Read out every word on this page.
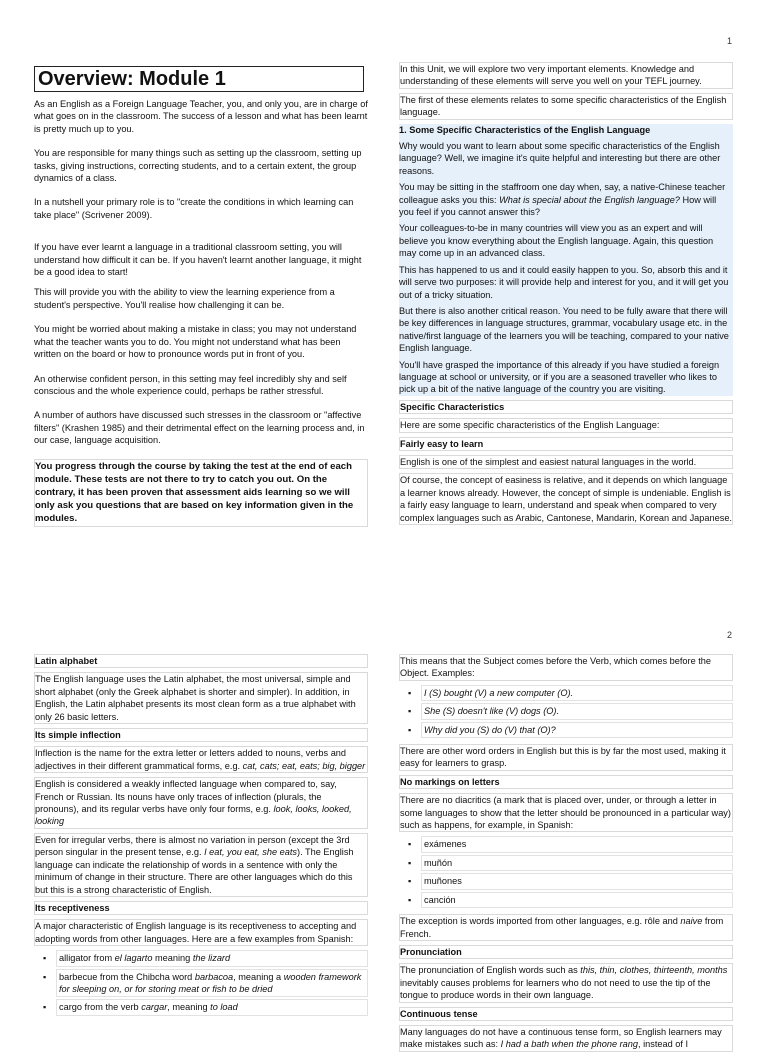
1
Overview: Module 1

As an English as a Foreign Language Teacher, you, and only you, are in charge of what goes on in the classroom. The success of a lesson and what has been learnt is pretty much up to you.

You are responsible for many things such as setting up the classroom, setting up tasks, giving instructions, correcting students, and to a certain extent, the group dynamics of a class.

In a nutshell your primary role is to "create the conditions in which learning can take place" (Scrivener 2009).

If you have ever learnt a language in a traditional classroom setting, you will understand how difficult it can be. If you haven't learnt another language, it might be a good idea to start!

This will provide you with the ability to view the learning experience from a student's perspective. You'll realise how challenging it can be.

You might be worried about making a mistake in class; you may not understand what the teacher wants you to do. You might not understand what has been written on the board or how to pronounce words put in front of you.

An otherwise confident person, in this setting may feel incredibly shy and self conscious and the whole experience could, perhaps be rather stressful.

A number of authors have discussed such stresses in the classroom or "affective filters" (Krashen 1985) and their detrimental effect on the learning process and, in our case, language acquisition.

You progress through the course by taking the test at the end of each module. These tests are not there to try to catch you out. On the contrary, it has been proven that assessment aids learning so we will only ask you questions that are based on key information given in the modules.

In this Unit, we will explore two very important elements. Knowledge and understanding of these elements will serve you well on your TEFL journey.

The first of these elements relates to some specific characteristics of the English language.

1. Some Specific Characteristics of the English Language

Why would you want to learn about some specific characteristics of the English language? Well, we imagine it's quite helpful and interesting but there are other reasons.

You may be sitting in the staffroom one day when, say, a native-Chinese teacher colleague asks you this: What is special about the English language? How will you feel if you cannot answer this?

Your colleagues-to-be in many countries will view you as an expert and will believe you know everything about the English language. Again, this question may come up in an advanced class.

This has happened to us and it could easily happen to you. So, absorb this and it will serve two purposes: it will provide help and interest for you, and it will get you out of a tricky situation.

But there is also another critical reason. You need to be fully aware that there will be key differences in language structures, grammar, vocabulary usage etc. in the native/first language of the learners you will be teaching, compared to your native English language.

You'll have grasped the importance of this already if you have studied a foreign language at school or university, or if you are a seasoned traveller who likes to pick up a bit of the native language of the country you are visiting.

Specific Characteristics

Here are some specific characteristics of the English Language:

Fairly easy to learn

English is one of the simplest and easiest natural languages in the world.

Of course, the concept of easiness is relative, and it depends on which language a learner knows already. However, the concept of simple is undeniable. English is a fairly easy language to learn, understand and speak when compared to very complex languages such as Arabic, Cantonese, Mandarin, Korean and Japanese.

2

Latin alphabet

The English language uses the Latin alphabet, the most universal, simple and short alphabet (only the Greek alphabet is shorter and simpler). In addition, in English, the Latin alphabet presents its most clean form as a true alphabet with only 26 basic letters.

Its simple inflection

Inflection is the name for the extra letter or letters added to nouns, verbs and adjectives in their different grammatical forms, e.g. cat, cats; eat, eats; big, bigger

English is considered a weakly inflected language when compared to, say, French or Russian. Its nouns have only traces of inflection (plurals, the pronouns), and its regular verbs have only four forms, e.g. look, looks, looked, looking

Even for irregular verbs, there is almost no variation in person (except the 3rd person singular in the present tense, e.g. I eat, you eat, she eats). The English language can indicate the relationship of words in a sentence with only the minimum of change in their structure. There are other languages which do this but this is a strong characteristic of English.

Its receptiveness

A major characteristic of English language is its receptiveness to accepting and adopting words from other languages. Here are a few examples from Spanish:

▪ alligator from el lagarto meaning the lizard
▪ barbecue from the Chibcha word barbacoa, meaning a wooden framework for sleeping on, or for storing meat or fish to be dried
▪ cargo from the verb cargar, meaning to load

This means that the Subject comes before the Verb, which comes before the Object. Examples:

▪ I (S) bought (V) a new computer (O).
▪ She (S) doesn't like (V) dogs (O).
▪ Why did you (S) do (V) that (O)?

There are other word orders in English but this is by far the most used, making it easy for learners to grasp.

No markings on letters

There are no diacritics (a mark that is placed over, under, or through a letter in some languages to show that the letter should be pronounced in a particular way) such as happens, for example, in Spanish:

▪ exámenes
▪ muñón
▪ muñones
▪ canción

The exception is words imported from other languages, e.g. rôle and naive from French.

Pronunciation

The pronunciation of English words such as this, thin, clothes, thirteenth, months inevitably causes problems for learners who do not need to use the tip of the tongue to produce words in their own language.

Continuous tense

Many languages do not have a continuous tense form, so English learners may make mistakes such as: I had a bath when the phone rang, instead of I
